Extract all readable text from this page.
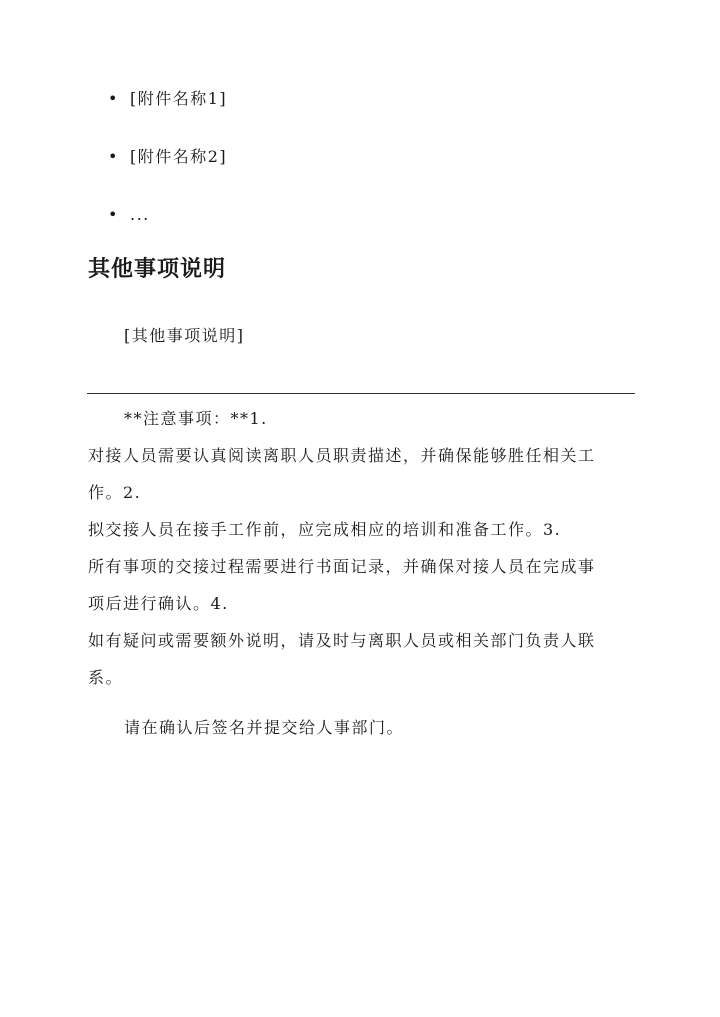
• [附件名称1]
• [附件名称2]
• ...
其他事项说明

[其他事项说明]

**注意事项：**1.

对接人员需要认真阅读离职人员职责描述，并确保能够胜任相关工

作。2.

拟交接人员在接手工作前，应完成相应的培训和准备工作。3.

所有事项的交接过程需要进行书面记录，并确保对接人员在完成事

项后进行确认。4.

如有疑问或需要额外说明，请及时与离职人员或相关部门负责人联

系。

请在确认后签名并提交给人事部门。
